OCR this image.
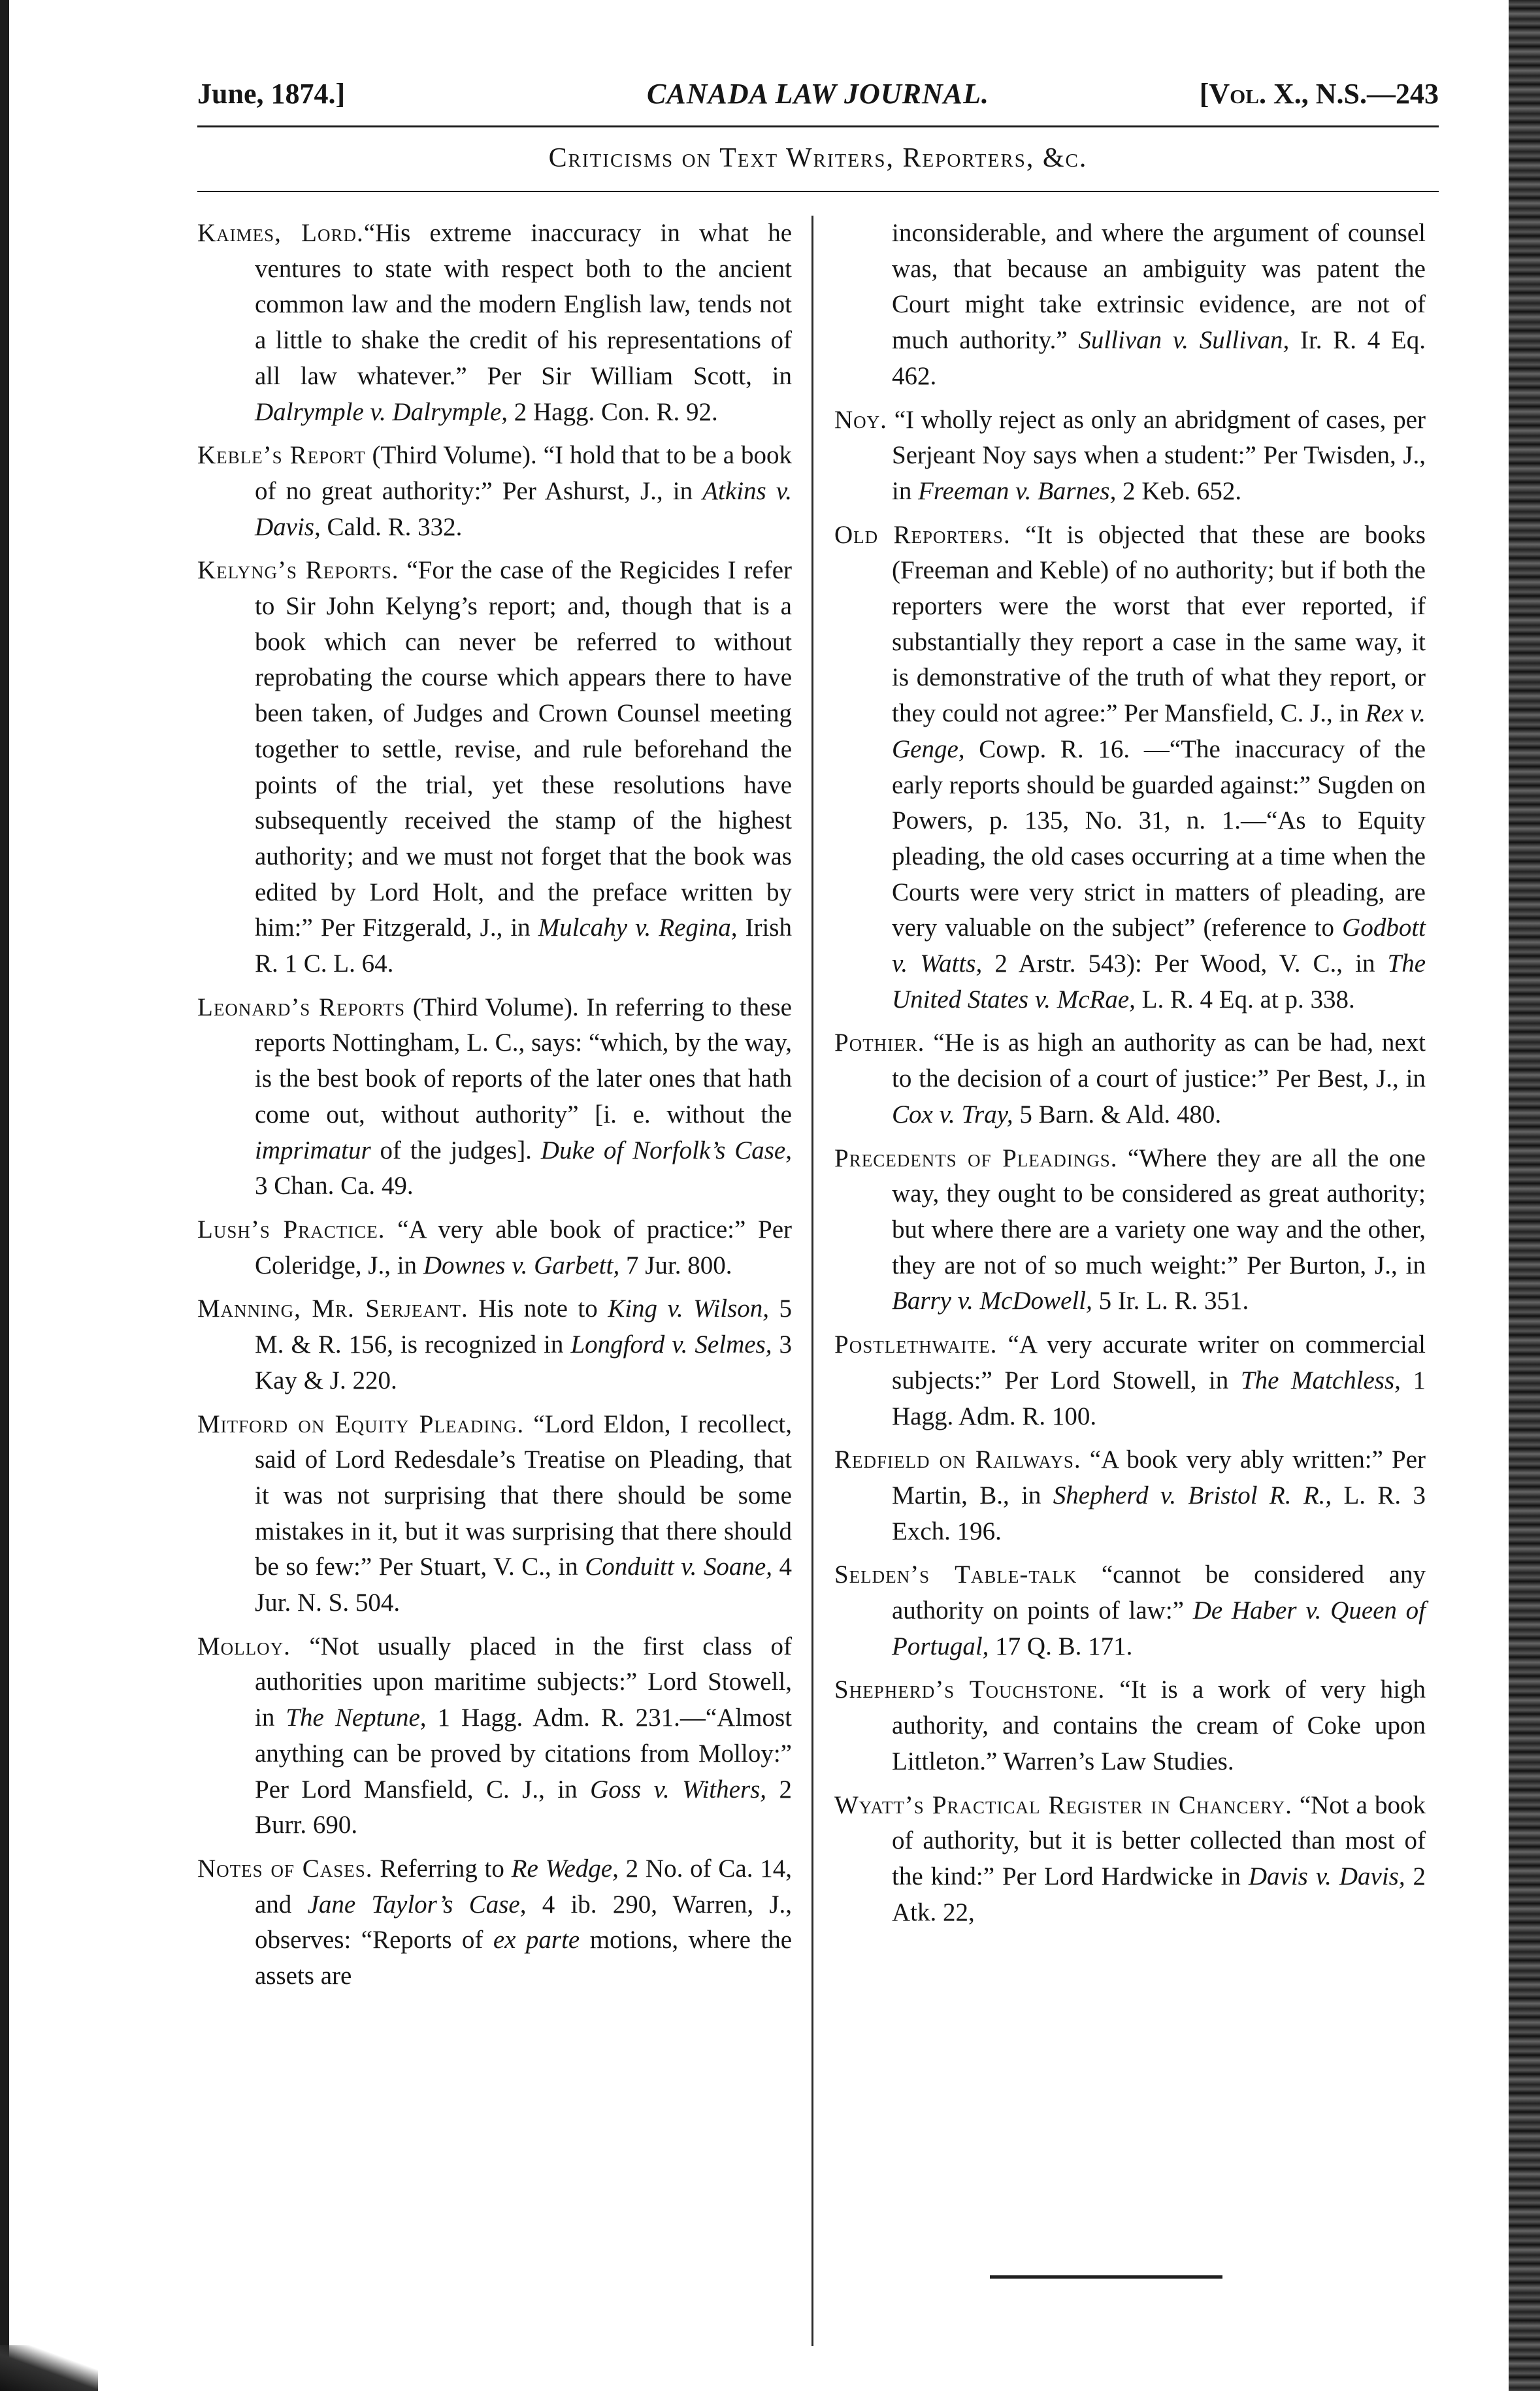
June, 1874.]	CANADA LAW JOURNAL.	[Vol. X., N.S.—243
Criticisms on Text Writers, Reporters, &c.

Kaimes, Lord.“His extreme inaccuracy in what he ventures to state with respect both to the ancient common law and the modern English law, tends not a little to shake the credit of his representations of all law whatever.” Per Sir William Scott, in Dalrymple v. Dalrymple, 2 Hagg. Con. R. 92.

Keble’s Report (Third Volume). “I hold that to be a book of no great authority:” Per Ashurst, J., in Atkins v. Davis, Cald. R. 332.

Kelyng’s Reports. “For the case of the Regicides I refer to Sir John Kelyng’s report; and, though that is a book which can never be referred to without reprobating the course which appears there to have been taken, of Judges and Crown Counsel meeting together to settle, revise, and rule beforehand the points of the trial, yet these resolutions have subsequently received the stamp of the highest authority; and we must not forget that the book was edited by Lord Holt, and the preface written by him:” Per Fitzgerald, J., in Mulcahy v. Regina, Irish R. 1 C. L. 64.

Leonard’s Reports (Third Volume). In referring to these reports Nottingham, L. C., says: “which, by the way, is the best book of reports of the later ones that hath come out, without authority” [i. e. without the imprimatur of the judges]. Duke of Norfolk’s Case, 3 Chan. Ca. 49.

Lush’s Practice. “A very able book of practice:” Per Coleridge, J., in Downes v. Garbett, 7 Jur. 800.

Manning, Mr. Serjeant. His note to King v. Wilson, 5 M. & R. 156, is recognized in Longford v. Selmes, 3 Kay & J. 220.

Mitford on Equity Pleading. “Lord Eldon, I recollect, said of Lord Redesdale’s Treatise on Pleading, that it was not surprising that there should be some mistakes in it, but it was surprising that there should be so few:” Per Stuart, V. C., in Conduitt v. Soane, 4 Jur. N. S. 504.

Molloy. “Not usually placed in the first class of authorities upon maritime subjects:” Lord Stowell, in The Neptune, 1 Hagg. Adm. R. 231.—“Almost anything can be proved by citations from Molloy:” Per Lord Mansfield, C. J., in Goss v. Withers, 2 Burr. 690.

Notes of Cases. Referring to Re Wedge, 2 No. of Ca. 14, and Jane Taylor’s Case, 4 ib. 290, Warren, J., observes: “Reports of ex parte motions, where the assets are

inconsiderable, and where the argument of counsel was, that because an ambiguity was patent the Court might take extrinsic evidence, are not of much authority.” Sullivan v. Sullivan, Ir. R. 4 Eq. 462.

Noy. “I wholly reject as only an abridgment of cases, per Serjeant Noy says when a student:” Per Twisden, J., in Freeman v. Barnes, 2 Keb. 652.

Old Reporters. “It is objected that these are books (Freeman and Keble) of no authority; but if both the reporters were the worst that ever reported, if substantially they report a case in the same way, it is demonstrative of the truth of what they report, or they could not agree:” Per Mansfield, C. J., in Rex v. Genge, Cowp. R. 16. —“The inaccuracy of the early reports should be guarded against:” Sugden on Powers, p. 135, No. 31, n. 1.—“As to Equity pleading, the old cases occurring at a time when the Courts were very strict in matters of pleading, are very valuable on the subject” (reference to Godbott v. Watts, 2 Arstr. 543): Per Wood, V. C., in The United States v. McRae, L. R. 4 Eq. at p. 338.

Pothier. “He is as high an authority as can be had, next to the decision of a court of justice:” Per Best, J., in Cox v. Tray, 5 Barn. & Ald. 480.

Precedents of Pleadings. “Where they are all the one way, they ought to be considered as great authority; but where there are a variety one way and the other, they are not of so much weight:” Per Burton, J., in Barry v. McDowell, 5 Ir. L. R. 351.

Postlethwaite. “A very accurate writer on commercial subjects:” Per Lord Stowell, in The Matchless, 1 Hagg. Adm. R. 100.

Redfield on Railways. “A book very ably written:” Per Martin, B., in Shepherd v. Bristol R. R., L. R. 3 Exch. 196.

Selden’s Table-talk “cannot be considered any authority on points of law:” De Haber v. Queen of Portugal, 17 Q. B. 171.

Shepherd’s Touchstone. “It is a work of very high authority, and contains the cream of Coke upon Littleton.” Warren’s Law Studies.

Wyatt’s Practical Register in Chancery. “Not a book of authority, but it is better collected than most of the kind:” Per Lord Hardwicke in Davis v. Davis, 2 Atk. 22,
